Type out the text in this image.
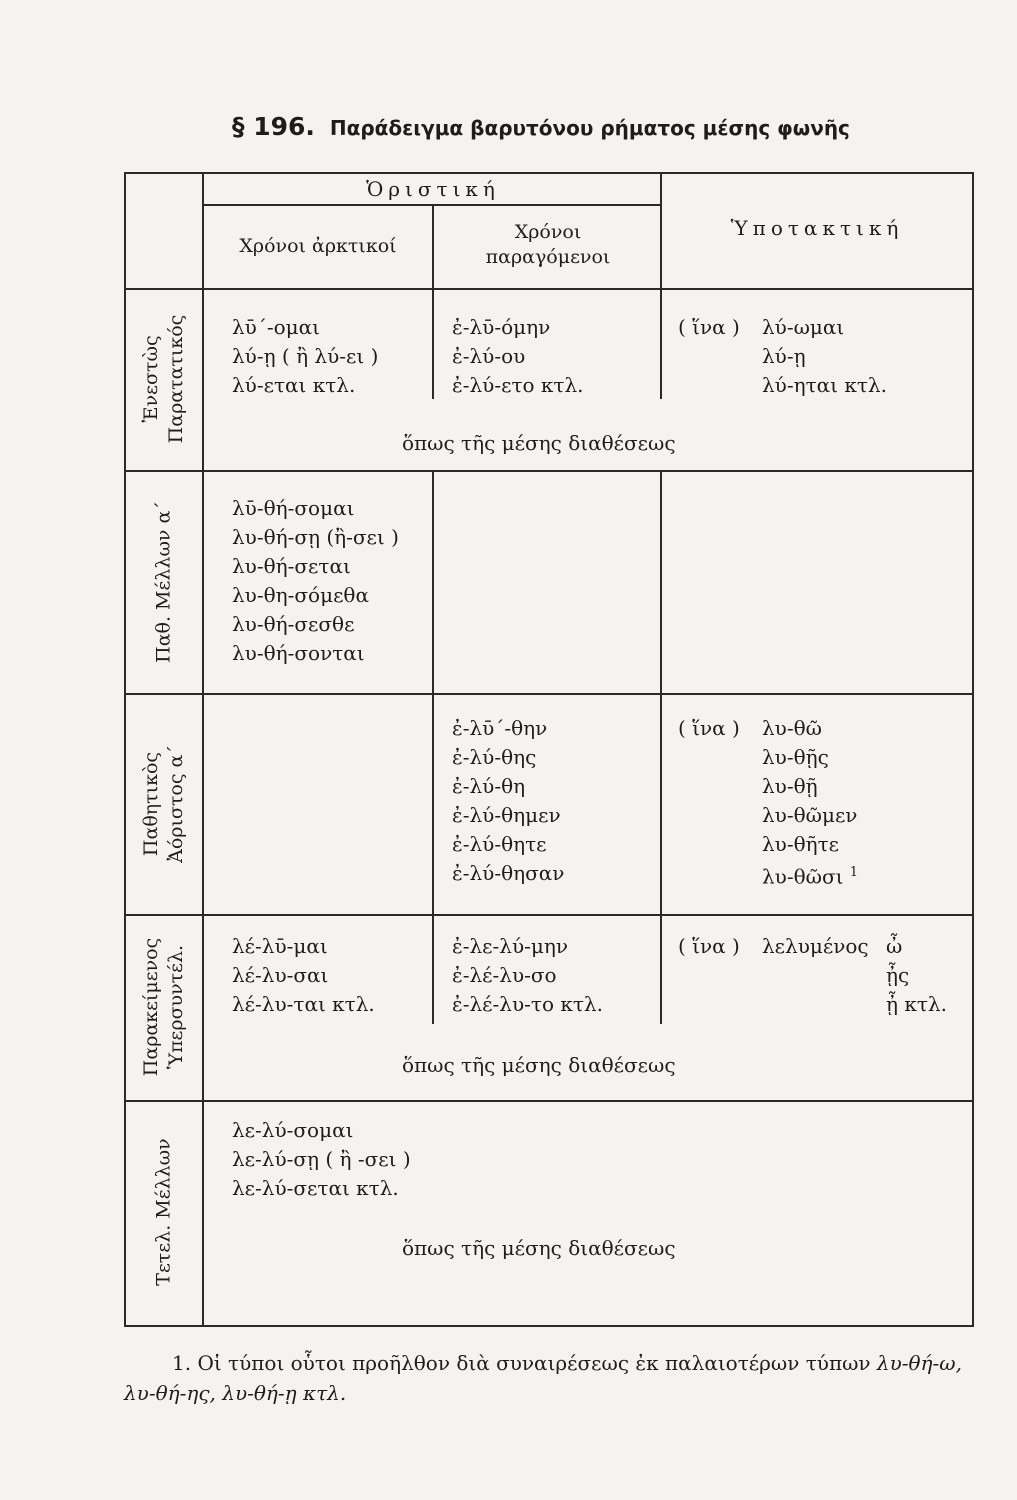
§ 196. Παράδειγμα βαρυτόνου ρήματος μέσης φωνῆς
Ὁριστική
Χρόνοι ἀρκτικοί
Χρόνοι
παραγόμενοι
Ὑποτακτική
Ἐνεστὼς Παρατατικός λῡ΄-ομαι
λύ-ῃ ( ἢ λύ-ει )
λύ-εται κτλ.
ἐ-λῡ-όμην
ἐ-λύ-ου
ἐ-λύ-ετο κτλ.
( ἵνα ) λύ-ωμαι
λύ-ῃ
λύ-ηται κτλ.
ὅπως τῆς μέσης διαθέσεως
Παθ. Μέλλων α΄	λῡ-θή-σομαι
λυ-θή-σῃ (ἢ-σει )
λυ-θή-σεται
λυ-θη-σόμεθα
λυ-θή-σεσθε
λυ-θή-σονται
Παθητικὸς Ἀόριστος α΄
ἐ-λῡ΄-θην
ἐ-λύ-θης
ἐ-λύ-θη
ἐ-λύ-θημεν
ἐ-λύ-θητε
ἐ-λύ-θησαν
( ἵνα ) λυ-θῶ
λυ-θῇς
λυ-θῇ
λυ-θῶμεν
λυ-θῆτε
λυ-θῶσι $^1$
Παρακείμενος Ὑπερσυντέλ. λέ-λῡ-μαι
λέ-λυ-σαι
λέ-λυ-ται κτλ.
ἐ-λε-λύ-μην
ἐ-λέ-λυ-σο
ἐ-λέ-λυ-το κτλ.
( ἵνα ) λελυμένος ὦ
ᾖς
ᾖ κτλ.
ὅπως τῆς μέσης διαθέσεως
Τετελ. Μέλλων
λε-λύ-σομαι
λε-λύ-σῃ ( ἢ -σει )
λε-λύ-σεται κτλ.
ὅπως τῆς μέσης διαθέσεως
1. Οἱ τύποι οὗτοι προῆλθον διὰ συναιρέσεως ἐκ παλαιοτέρων τύπων λυ-θή-ω, λυ-θή-ης, λυ-θή-ῃ κτλ.
